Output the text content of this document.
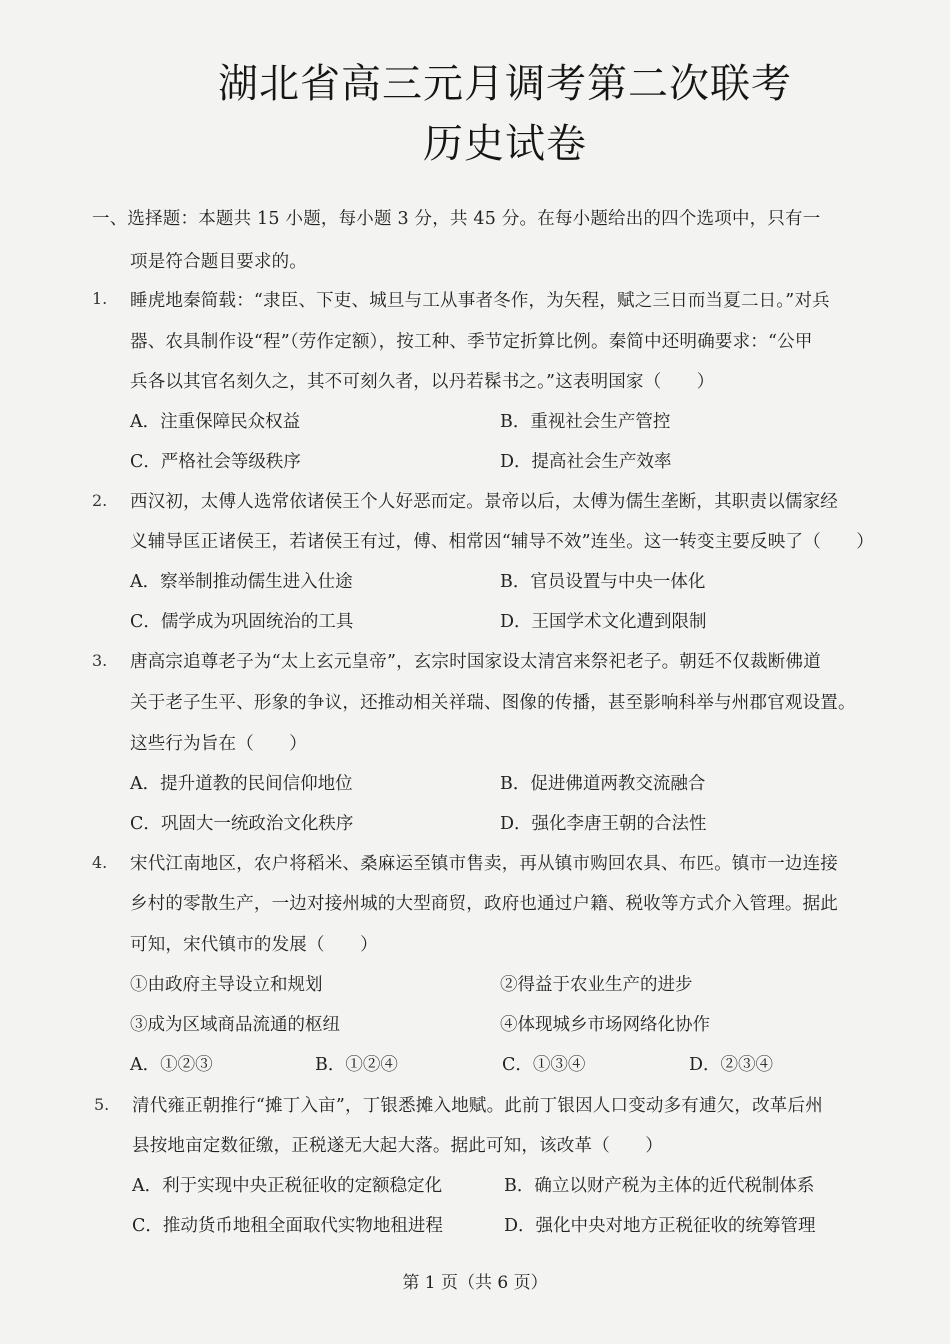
湖北省高三元月调考第二次联考
历史试卷
一、选择题：本题共 15 小题，每小题 3 分，共 45 分。在每小题给出的四个选项中，只有一
项是符合题目要求的。
1. 睡虎地秦简载：“隶臣、下吏、城旦与工从事者冬作，为矢程，赋之三日而当夏二日。”对兵
器、农具制作设“程”（劳作定额），按工种、季节定折算比例。秦简中还明确要求：“公甲
兵各以其官名刻久之，其不可刻久者，以丹若髹书之。”这表明国家（　　）
A．注重保障民众权益	B．重视社会生产管控
C．严格社会等级秩序	D．提高社会生产效率
2. 西汉初，太傅人选常依诸侯王个人好恶而定。景帝以后，太傅为儒生垄断，其职责以儒家经
义辅导匡正诸侯王，若诸侯王有过，傅、相常因“辅导不效”连坐。这一转变主要反映了（　　）
A．察举制推动儒生进入仕途	B．官员设置与中央一体化
C．儒学成为巩固统治的工具	D．王国学术文化遭到限制
3. 唐高宗追尊老子为“太上玄元皇帝”，玄宗时国家设太清宫来祭祀老子。朝廷不仅裁断佛道
关于老子生平、形象的争议，还推动相关祥瑞、图像的传播，甚至影响科举与州郡官观设置。
这些行为旨在（　　）
A．提升道教的民间信仰地位	B．促进佛道两教交流融合
C．巩固大一统政治文化秩序	D．强化李唐王朝的合法性
4. 宋代江南地区，农户将稻米、桑麻运至镇市售卖，再从镇市购回农具、布匹。镇市一边连接
乡村的零散生产，一边对接州城的大型商贸，政府也通过户籍、税收等方式介入管理。据此
可知，宋代镇市的发展（　　）
①由政府主导设立和规划	②得益于农业生产的进步
③成为区域商品流通的枢纽	④体现城乡市场网络化协作
A．①②③	B．①②④	C．①③④	D．②③④
5. 清代雍正朝推行“摊丁入亩”，丁银悉摊入地赋。此前丁银因人口变动多有逋欠，改革后州
县按地亩定数征缴，正税遂无大起大落。据此可知，该改革（　　）
A．利于实现中央正税征收的定额稳定化	B．确立以财产税为主体的近代税制体系
C．推动货币地租全面取代实物地租进程	D．强化中央对地方正税征收的统筹管理
第 1 页（共 6 页）
